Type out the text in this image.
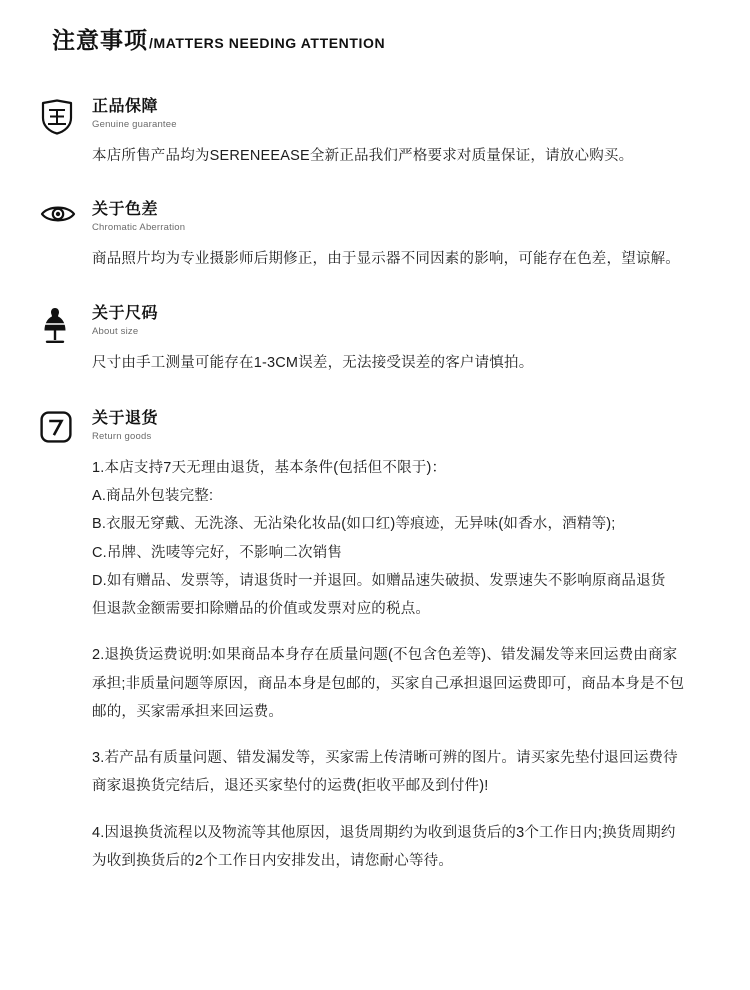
注意事项 /MATTERS NEEDING ATTENTION
正品保障
Genuine guarantee

本店所售产品均为SERENEEASE全新正品我们严格要求对质量保证，请放心购买。

关于色差
Chromatic Aberration

商品照片均为专业摄影师后期修正，由于显示器不同因素的影响，可能存在色差，望谅解。

关于尺码
About size

尺寸由手工测量可能存在1-3CM误差，无法接受误差的客户请慎拍。

关于退货
Return goods

1.本店支持7天无理由退货，基本条件(包括但不限于)：

A.商品外包装完整:

B.衣服无穿戴、无洗涤、无沾染化妆品(如口红)等痕迹，无异味(如香水，酒精等);

C.吊牌、洗唛等完好，不影响二次销售

D.如有赠品、发票等，请退货时一并退回。如赠品速失破损、发票速失不影响原商品退货

但退款金额需要扣除赠品的价值或发票对应的税点。

2.退换货运费说明:如果商品本身存在质量问题(不包含色差等)、错发漏发等来回运费由商家

承担;非质量问题等原因，商品本身是包邮的，买家自己承担退回运费即可，商品本身是不包

邮的，买家需承担来回运费。

3.若产品有质量问题、错发漏发等，买家需上传清晰可辨的图片。请买家先垫付退回运费待

商家退换货完结后，退还买家垫付的运费(拒收平邮及到付件)!

4.因退换货流程以及物流等其他原因，退货周期约为收到退货后的3个工作日内;换货周期约

为收到换货后的2个工作日内安排发出，请您耐心等待。
